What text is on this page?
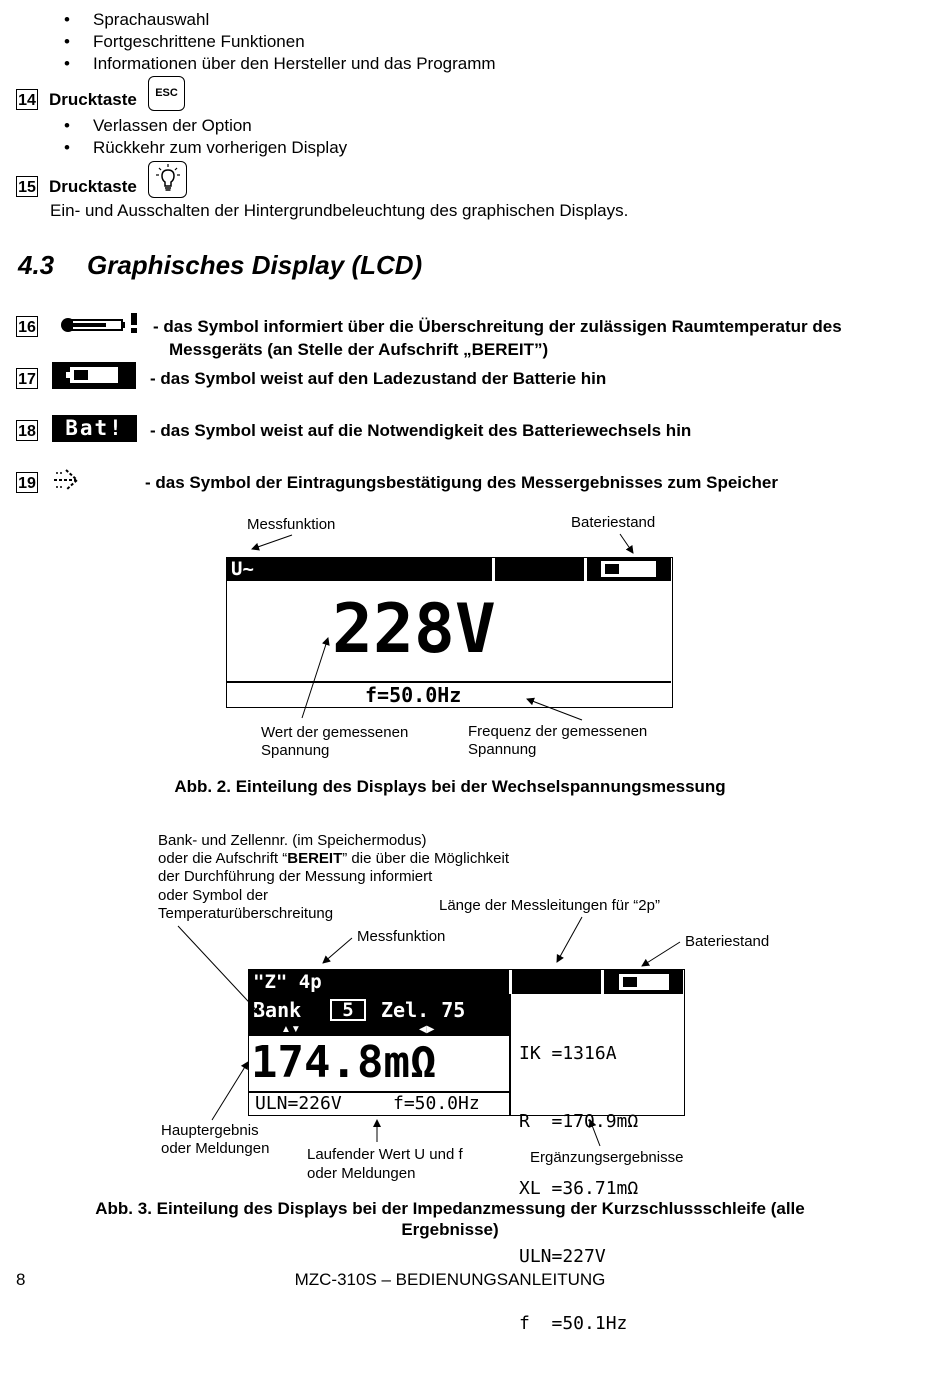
•	Sprachauswahl
•	Fortgeschrittene Funktionen
•	Informationen über den Hersteller und das Programm
14 Drucktaste	ESC
•	Verlassen der Option
•	Rückkehr zum vorherigen Display
15 Drucktaste
Ein- und Ausschalten der Hintergrundbeleuchtung des graphischen Displays.
4.3 Graphisches Display (LCD)
16	- das Symbol informiert über die Überschreitung der zulässigen Raumtemperatur des
Messgeräts (an Stelle der Aufschrift „BEREIT”)
17	- das Symbol weist auf den Ladezustand der Batterie hin
18	Bat!	- das Symbol weist auf die Notwendigkeit des Batteriewechsels hin
19	- das Symbol der Eintragungsbestätigung des Messergebnisses zum Speicher
Messfunktion	Bateriestand
U~
228V
f=50.0Hz
Wert der gemessenen
Spannung
Frequenz der gemessenen
Spannung
Abb. 2. Einteilung des Displays bei der Wechselspannungsmessung
Bank- und Zellennr. (im Speichermodus)
oder die Aufschrift “BEREIT” die über die Möglichkeit
der Durchführung der Messung informiert
oder Symbol der
Temperaturüberschreitung	Länge der Messleitungen für “2p”
Messfunktion	Bateriestand
"Z" 4p
Bank	5	Zel. 75
▲▼	◀▶
174.8mΩ
ULN=226V	f=50.0Hz

IK =1316A

R  =170.9mΩ

XL =36.71mΩ

ULN=227V

f  =50.1Hz

Hauptergebnis
oder Meldungen	Laufender Wert U und f
oder Meldungen
Ergänzungsergebnisse
Abb. 3. Einteilung des Displays bei der Impedanzmessung der Kurzschlussschleife (alle
Ergebnisse)
8	MZC-310S – BEDIENUNGSANLEITUNG
